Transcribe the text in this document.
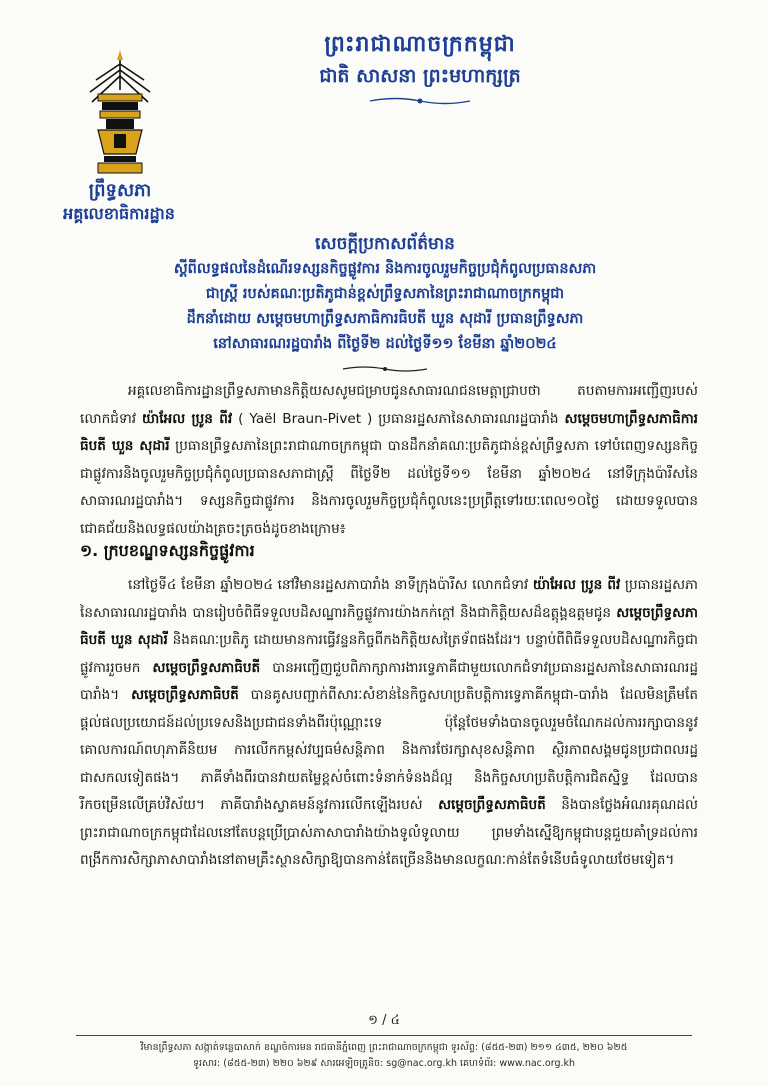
ព្រះរាជាណាចក្រកម្ពុជា
ជាតិ សាសនា ព្រះមហាក្សត្រ
ព្រឹទ្ធសភា
អគ្គលេខាធិការដ្ឋាន
សេចក្តីប្រកាសព័ត៌មាន
ស្តីពីលទ្ធផលនៃដំណើរទស្សនកិច្ចផ្លូវការ និងការចូលរួមកិច្ចប្រជុំកំពូលប្រធានសភា
ជាស្ត្រី របស់គណៈប្រតិភូជាន់ខ្ពស់ព្រឹទ្ធសភានៃព្រះរាជាណាចក្រកម្ពុជា
ដឹកនាំដោយ សម្តេចមហាព្រឹទ្ធសភាធិការធិបតី ឃួន សុដារី ប្រធានព្រឹទ្ធសភា
នៅសាធារណរដ្ឋបារាំង ពីថ្ងៃទី២ ដល់ថ្ងៃទី១១ ខែមីនា ឆ្នាំ២០២៤
អគ្គលេខាធិការដ្ឋានព្រឹទ្ធសភាមានកិត្តិយសសូមជម្រាបជូនសាធារណជនមេត្តាជ្រាបថា តបតាមការអញ្ជើញរបស់ លោកជំទាវ យ៉ាអែល ប្រូន ពីវ ( Yaël Braun-Pivet ) ប្រធានរដ្ឋសភានៃសាធារណរដ្ឋបារាំង សម្តេចមហាព្រឹទ្ធសភាធិការធិបតី ឃួន សុដារី ប្រធានព្រឹទ្ធសភានៃព្រះរាជាណាចក្រកម្ពុជា បានដឹកនាំគណៈប្រតិភូជាន់ខ្ពស់ព្រឹទ្ធសភា ទៅបំពេញទស្សនកិច្ចជាផ្លូវការនិងចូលរួមកិច្ចប្រជុំកំពូលប្រធានសភាជាស្ត្រី ពីថ្ងៃទី២ ដល់ថ្ងៃទី១១ ខែមីនា ឆ្នាំ២០២៤ នៅទីក្រុងប៉ារីសនៃសាធារណរដ្ឋបារាំង។ ទស្សនកិច្ចជាផ្លូវការ និងការចូលរួមកិច្ចប្រជុំកំពូលនេះប្រព្រឹត្តទៅរយៈពេល១០ថ្ងៃ ដោយទទួលបានជោគជ័យនិងលទ្ធផលយ៉ាងត្រចះត្រចង់ដូចខាងក្រោម៖
១. ក្របខណ្ឌទស្សនកិច្ចផ្លូវការ
នៅថ្ងៃទី៤ ខែមីនា ឆ្នាំ២០២៤ នៅវិមានរដ្ឋសភាបារាំង នាទីក្រុងប៉ារីស លោកជំទាវ យ៉ាអែល ប្រូន ពីវ ប្រធានរដ្ឋសភានៃសាធារណរដ្ឋបារាំង បានរៀបចំពិធីទទួលបដិសណ្ឋារកិច្ចផ្លូវការយ៉ាងកក់ក្តៅ និងជាកិត្តិយសដ៏ឧត្តុង្គឧត្តមជូន សម្តេចព្រឹទ្ធសភាធិបតី ឃួន សុដារី និងគណៈប្រតិភូ ដោយមានការធ្វើវន្ទនកិច្ចពីកងកិត្តិយសត្រៃទ័ពផងដែរ។ បន្ទាប់ពីពិធីទទួលបដិសណ្ឋារកិច្ចជាផ្លូវការរួចមក សម្តេចព្រឹទ្ធសភាធិបតី បានអញ្ជើញជួបពិភាក្សាការងារទ្វេភាគីជាមួយលោកជំទាវប្រធានរដ្ឋសភានៃសាធារណរដ្ឋបារាំង។ សម្តេចព្រឹទ្ធសភាធិបតី បានគូសបញ្ជាក់ពីសារៈសំខាន់នៃកិច្ចសហប្រតិបត្តិការទ្វេភាគីកម្ពុជា-បារាំង ដែលមិនត្រឹមតែផ្តល់ផលប្រយោជន៍ដល់ប្រទេសនិងប្រជាជនទាំងពីរប៉ុណ្ណោះទេ ប៉ុន្តែថែមទាំងបានចូលរួមចំណែកដល់ការរក្សាបាននូវគោលការណ៍ពហុភាគីនិយម ការលើកកម្ពស់វប្បធម៌សន្តិភាព និងការថែរក្សាសុខសន្តិភាព ស្ថិរភាពសង្គមជូនប្រជាពលរដ្ឋជាសកលទៀតផង។ ភាគីទាំងពីរបានវាយតម្លៃខ្ពស់ចំពោះទំនាក់ទំនងដ៏ល្អ និងកិច្ចសហប្រតិបត្តិការជិតស្និទ្ធ ដែលបានរីកចម្រើនលើគ្រប់វិស័យ។ ភាគីបារាំងស្វាគមន៍នូវការលើកឡើងរបស់ សម្តេចព្រឹទ្ធសភាធិបតី និងបានថ្លែងអំណរគុណដល់ព្រះរាជាណាចក្រកម្ពុជាដែលនៅតែបន្តប្រើប្រាស់ភាសាបារាំងយ៉ាងទូលំទូលាយ ព្រមទាំងស្នើឱ្យកម្ពុជាបន្តជួយគាំទ្រដល់ការពង្រីកការសិក្សាភាសាបារាំងនៅតាមគ្រឹះស្ថានសិក្សាឱ្យបានកាន់តែច្រើននិងមានលក្ខណៈកាន់តែទំនើបធំទូលាយថែមទៀត។
១ / ៤
វិមានព្រឹទ្ធសភា សង្កាត់ទន្លេបាសាក់ ខណ្ឌចំការមន រាជធានីភ្នំពេញ ព្រះរាជាណាចក្រកម្ពុជា ទូរស័ព្ទ: (៨៥៥-២៣) ២១១ ៤៣៥, ២២០ ៦២៥
ទូរសារ: (៨៥៥-២៣) ២២០ ៦២៩ សារអេឡិចត្រូនិច: sg@nac.org.kh គេហទំព័រ: www.nac.org.kh
